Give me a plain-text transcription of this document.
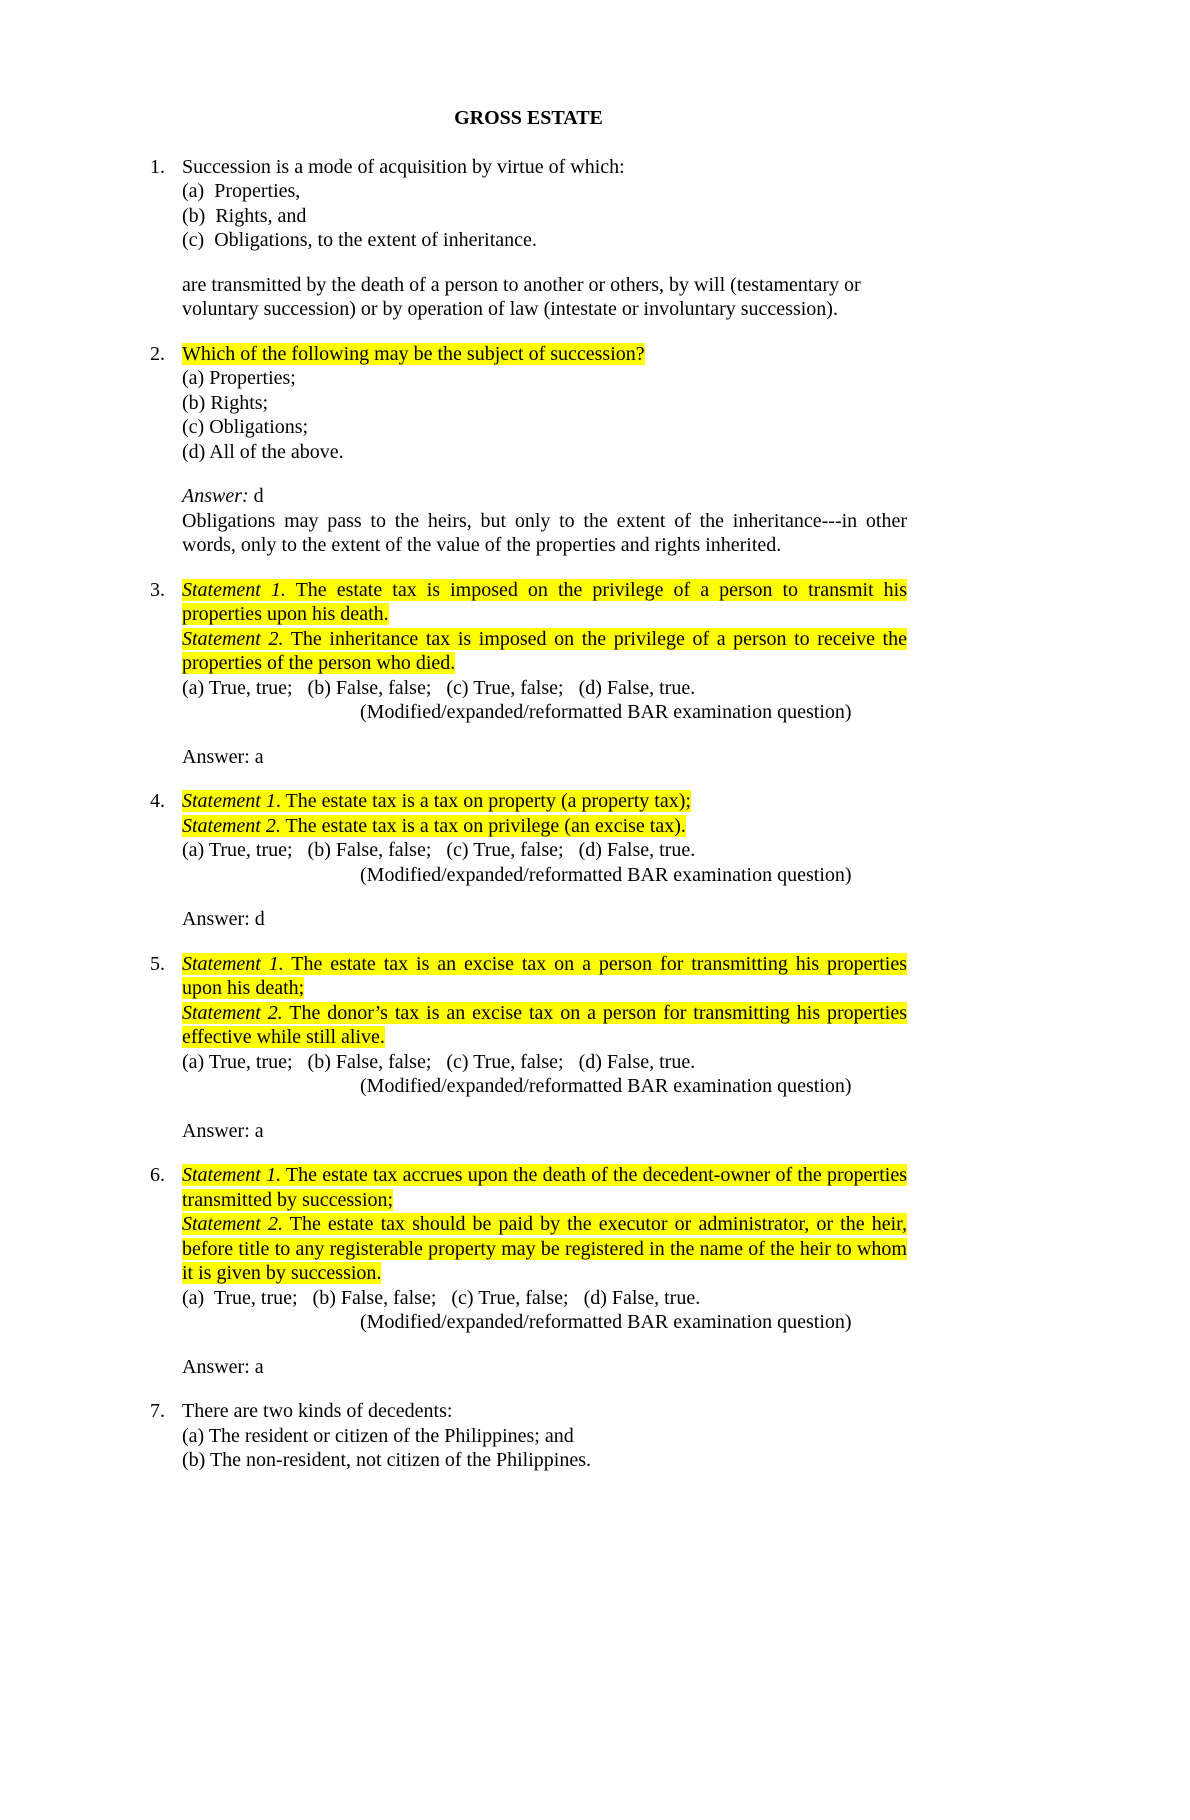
GROSS ESTATE
1. Succession is a mode of acquisition by virtue of which:
(a)  Properties,
(b)  Rights, and
(c)  Obligations, to the extent of inheritance.
are transmitted by the death of a person to another or others, by will (testamentary or voluntary succession) or by operation of law (intestate or involuntary succession).
2. Which of the following may be the subject of succession?
(a) Properties;
(b) Rights;
(c) Obligations;
(d) All of the above.
Answer: d
Obligations may pass to the heirs, but only to the extent of the inheritance---in other words, only to the extent of the value of the properties and rights inherited.
3. Statement 1. The estate tax is imposed on the privilege of a person to transmit his properties upon his death.
Statement 2. The inheritance tax is imposed on the privilege of a person to receive the properties of the person who died.
(a) True, true;   (b) False, false;   (c) True, false;   (d) False, true.
(Modified/expanded/reformatted BAR examination question)
Answer: a
4. Statement 1. The estate tax is a tax on property (a property tax);
Statement 2. The estate tax is a tax on privilege (an excise tax).
(a) True, true;   (b) False, false;   (c) True, false;   (d) False, true.
(Modified/expanded/reformatted BAR examination question)
Answer: d
5. Statement 1. The estate tax is an excise tax on a person for transmitting his properties upon his death;
Statement 2. The donor’s tax is an excise tax on a person for transmitting his properties effective while still alive.
(a) True, true;   (b) False, false;   (c) True, false;   (d) False, true.
(Modified/expanded/reformatted BAR examination question)
Answer: a
6. Statement 1. The estate tax accrues upon the death of the decedent-owner of the properties transmitted by succession;
Statement 2. The estate tax should be paid by the executor or administrator, or the heir, before title to any registerable property may be registered in the name of the heir to whom it is given by succession.
(a)  True, true;   (b) False, false;   (c) True, false;   (d) False, true.
(Modified/expanded/reformatted BAR examination question)
Answer: a
7. There are two kinds of decedents:
(a) The resident or citizen of the Philippines; and
(b) The non-resident, not citizen of the Philippines.
